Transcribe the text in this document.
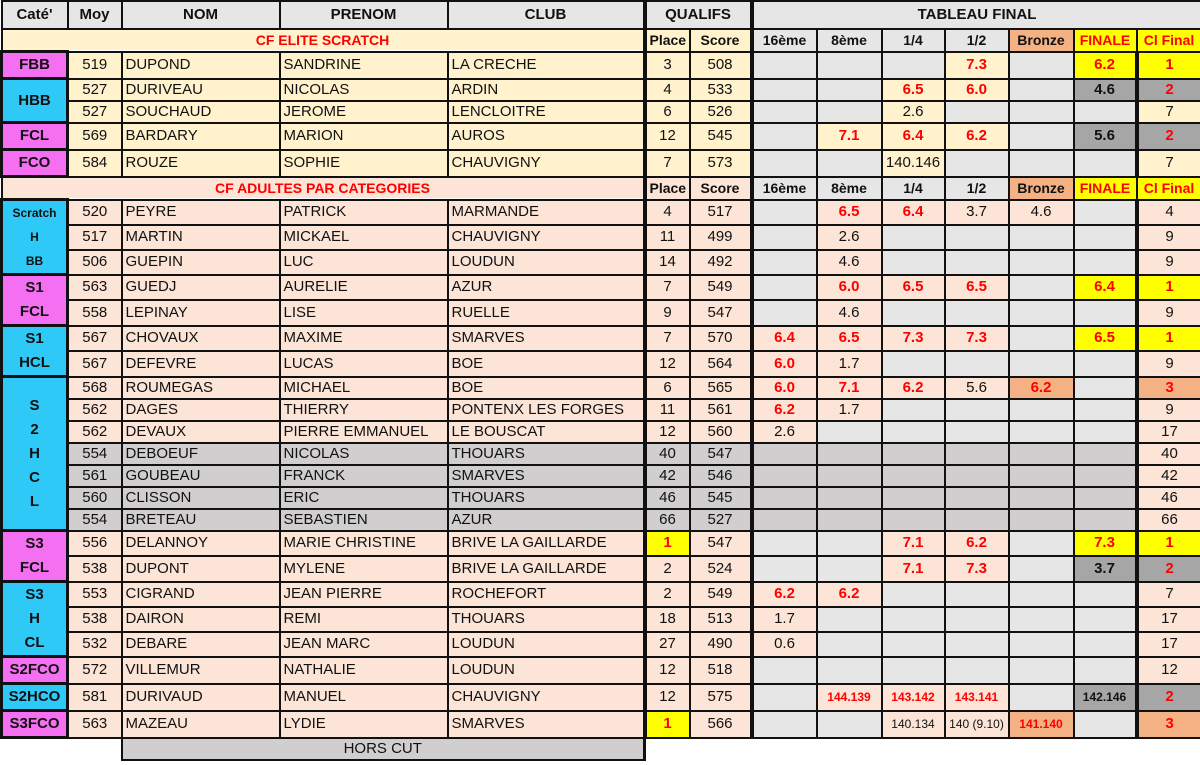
Caté'	Moy	NOM	PRENOM	CLUB	QUALIFS		TABLEAU FINAL						
CF ELITE SCRATCH					Place	Score	16ème	8ème	1/4	1/2	Bronze	FINALE	Cl Final

FBB	519	DUPOND	SANDRINE	LA CRECHE	3	508				7.3		6.2	1

HBB	527	DURIVEAU	NICOLAS	ARDIN	4	533			6.5	6.0		4.6	2
	527	SOUCHAUD	JEROME	LENCLOITRE	6	526			2.6				7

FCL	569	BARDARY	MARION	AUROS	12	545		7.1	6.4	6.2		5.6	2

FCO	584	ROUZE	SOPHIE	CHAUVIGNY	7	573			140.146				7
CF ADULTES PAR CATEGORIES					Place	Score	16ème	8ème	1/4	1/2	Bronze	FINALE	Cl Final

Scratch
H
BB	520	PEYRE	PATRICK	MARMANDE	4	517		6.5	6.4	3.7	4.6		4
	517	MARTIN	MICKAEL	CHAUVIGNY	11	499		2.6					9
	506	GUEPIN	LUC	LOUDUN	14	492		4.6					9

S1
FCL	563	GUEDJ	AURELIE	AZUR	7	549		6.0	6.5	6.5		6.4	1
	558	LEPINAY	LISE	RUELLE	9	547		4.6					9

S1
HCL	567	CHOVAUX	MAXIME	SMARVES	7	570	6.4	6.5	7.3	7.3		6.5	1
	567	DEFEVRE	LUCAS	BOE	12	564	6.0	1.7					9

S
2
H
C
L	568	ROUMEGAS	MICHAEL	BOE	6	565	6.0	7.1	6.2	5.6	6.2		3
	562	DAGES	THIERRY	PONTENX LES FORGES	11	561	6.2	1.7					9
	562	DEVAUX	PIERRE EMMANUEL	LE BOUSCAT	12	560	2.6						17
	554	DEBOEUF	NICOLAS	THOUARS	40	547							40
	561	GOUBEAU	FRANCK	SMARVES	42	546							42
	560	CLISSON	ERIC	THOUARS	46	545							46
	554	BRETEAU	SEBASTIEN	AZUR	66	527							66

S3
FCL	556	DELANNOY	MARIE CHRISTINE	BRIVE LA GAILLARDE	1	547			7.1	6.2		7.3	1
	538	DUPONT	MYLENE	BRIVE LA GAILLARDE	2	524			7.1	7.3		3.7	2

S3
H
CL	553	CIGRAND	JEAN PIERRE	ROCHEFORT	2	549	6.2	6.2					7
	538	DAIRON	REMI	THOUARS	18	513	1.7						17
	532	DEBARE	JEAN MARC	LOUDUN	27	490	0.6						17

S2FCO	572	VILLEMUR	NATHALIE	LOUDUN	12	518							12

S2HCO	581	DURIVAUD	MANUEL	CHAUVIGNY	12	575		144.139	143.142	143.141		142.146	2

S3FCO	563	MAZEAU	LYDIE	SMARVES	1	566			140.134	140 (9.10)	141.140		3
		HORS CUT											
